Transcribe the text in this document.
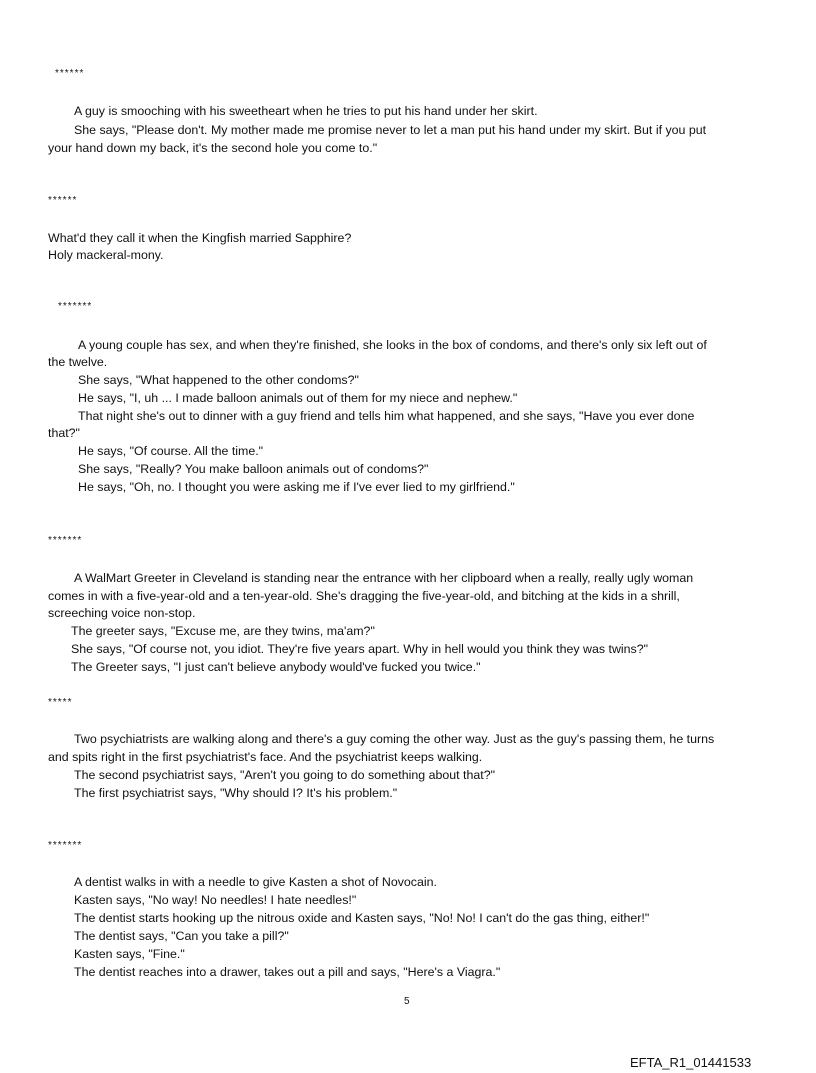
******
A guy is smooching with his sweetheart when he tries to put his hand under her skirt.
She says, "Please don't. My mother made me promise never to let a man put his hand under my skirt. But if you put
your hand down my back, it's the second hole you come to."
******
What'd they call it when the Kingfish married Sapphire?
Holy mackeral-mony.
*******
A young couple has sex, and when they're finished, she looks in the box of condoms, and there's only six left out of
the twelve.
She says, "What happened to the other condoms?"
He says, "I, uh ... I made balloon animals out of them for my niece and nephew."
That night she's out to dinner with a guy friend and tells him what happened, and she says, "Have you ever done
that?"
He says, "Of course. All the time."
She says, "Really? You make balloon animals out of condoms?"
He says, "Oh, no. I thought you were asking me if I've ever lied to my girlfriend."
*******
A WalMart Greeter in Cleveland is standing near the entrance with her clipboard when a really, really ugly woman
comes in with a five-year-old and a ten-year-old. She's dragging the five-year-old, and bitching at the kids in a shrill,
screeching voice non-stop.
The greeter says, "Excuse me, are they twins, ma'am?"
She says, "Of course not, you idiot. They're five years apart. Why in hell would you think they was twins?"
The Greeter says, "I just can't believe anybody would've fucked you twice."
*****
Two psychiatrists are walking along and there's a guy coming the other way. Just as the guy's passing them, he turns
and spits right in the first psychiatrist's face. And the psychiatrist keeps walking.
The second psychiatrist says, "Aren't you going to do something about that?"
The first psychiatrist says, "Why should I? It's his problem."
*******
A dentist walks in with a needle to give Kasten a shot of Novocain.
Kasten says, "No way! No needles! I hate needles!"
The dentist starts hooking up the nitrous oxide and Kasten says, "No! No! I can't do the gas thing, either!"
The dentist says, "Can you take a pill?"
Kasten says, "Fine."
The dentist reaches into a drawer, takes out a pill and says, "Here's a Viagra."
5
EFTA_R1_01441533
